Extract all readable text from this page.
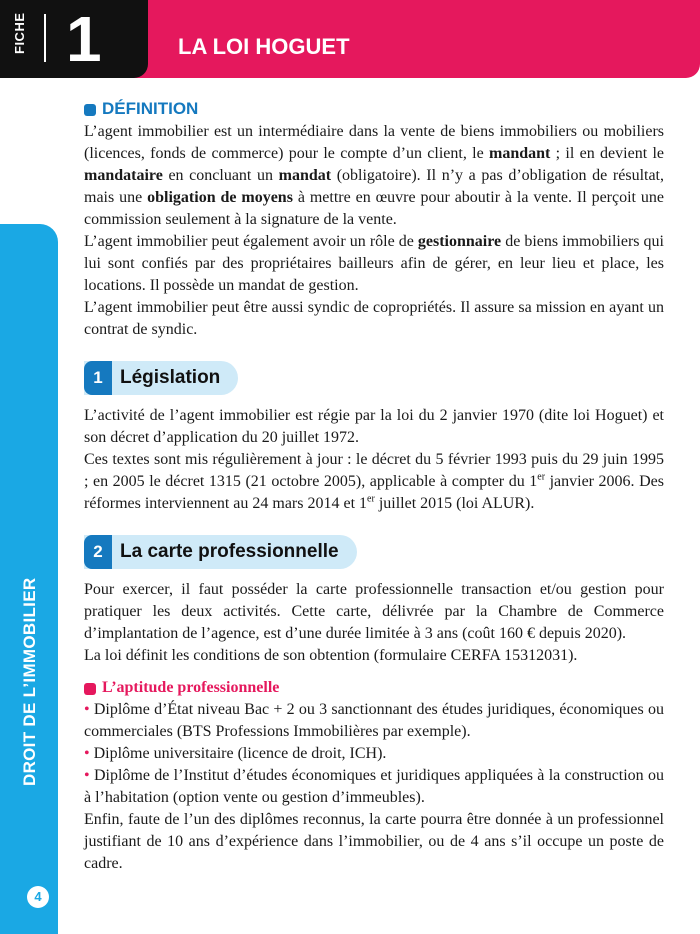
LA LOI HOGUET
FICHE 1
DROIT DE L’IMMOBILIER
4
DÉFINITION

L’agent immobilier est un intermédiaire dans la vente de biens immobiliers ou mobiliers (licences, fonds de commerce) pour le compte d’un client, le mandant ; il en devient le mandataire en concluant un mandat (obligatoire). Il n’y a pas d’obligation de résultat, mais une obligation de moyens à mettre en œuvre pour aboutir à la vente. Il perçoit une commission seulement à la signature de la vente.

L’agent immobilier peut également avoir un rôle de gestionnaire de biens immobiliers qui lui sont confiés par des propriétaires bailleurs afin de gérer, en leur lieu et place, les locations. Il possède un mandat de gestion.

L’agent immobilier peut être aussi syndic de copropriétés. Il assure sa mission en ayant un contrat de syndic.

1 Législation

L’activité de l’agent immobilier est régie par la loi du 2 janvier 1970 (dite loi Hoguet) et son décret d’application du 20 juillet 1972.

Ces textes sont mis régulièrement à jour : le décret du 5 février 1993 puis du 29 juin 1995 ; en 2005 le décret 1315 (21 octobre 2005), applicable à compter du 1er janvier 2006. Des réformes interviennent au 24 mars 2014 et 1er juillet 2015 (loi ALUR).

2 La carte professionnelle

Pour exercer, il faut posséder la carte professionnelle transaction et/ou gestion pour pratiquer les deux activités. Cette carte, délivrée par la Chambre de Commerce d’implantation de l’agence, est d’une durée limitée à 3 ans (coût 160 € depuis 2020).

La loi définit les conditions de son obtention (formulaire CERFA 15312031).

L’aptitude professionnelle

• Diplôme d’État niveau Bac + 2 ou 3 sanctionnant des études juridiques, économiques ou commerciales (BTS Professions Immobilières par exemple).

• Diplôme universitaire (licence de droit, ICH).

• Diplôme de l’Institut d’études économiques et juridiques appliquées à la construction ou à l’habitation (option vente ou gestion d’immeubles).

Enfin, faute de l’un des diplômes reconnus, la carte pourra être donnée à un professionnel justifiant de 10 ans d’expérience dans l’immobilier, ou de 4 ans s’il occupe un poste de cadre.
